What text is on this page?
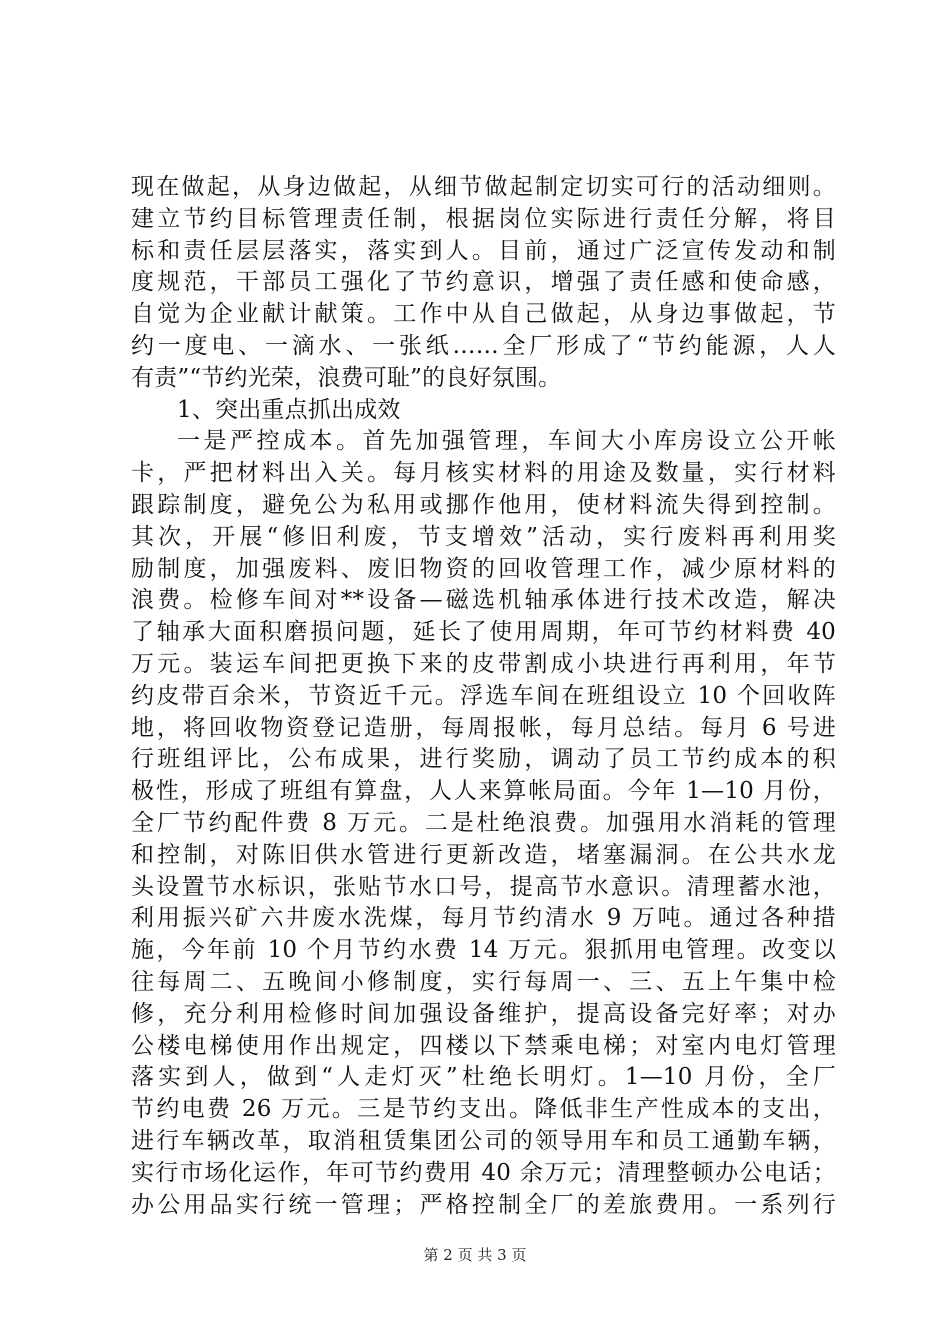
现在做起，从身边做起，从细节做起制定切实可行的活动细则。
建立节约目标管理责任制，根据岗位实际进行责任分解，将目
标和责任层层落实，落实到人。目前，通过广泛宣传发动和制
度规范，干部员工强化了节约意识，增强了责任感和使命感，
自觉为企业献计献策。工作中从自己做起，从身边事做起，节
约一度电、一滴水、一张纸……全厂形成了“节约能源，人人
有责”“节约光荣，浪费可耻”的良好氛围。
1、突出重点抓出成效
一是严控成本。首先加强管理，车间大小库房设立公开帐
卡，严把材料出入关。每月核实材料的用途及数量，实行材料
跟踪制度，避免公为私用或挪作他用，使材料流失得到控制。
其次，开展“修旧利废，节支增效”活动，实行废料再利用奖
励制度，加强废料、废旧物资的回收管理工作，减少原材料的
浪费。检修车间对**设备—磁选机轴承体进行技术改造，解决
了轴承大面积磨损问题，延长了使用周期，年可节约材料费 40
万元。装运车间把更换下来的皮带割成小块进行再利用，年节
约皮带百余米，节资近千元。浮选车间在班组设立 10 个回收阵
地，将回收物资登记造册，每周报帐，每月总结。每月 6 号进
行班组评比，公布成果，进行奖励，调动了员工节约成本的积
极性，形成了班组有算盘，人人来算帐局面。今年 1—10 月份，
全厂节约配件费 8 万元。二是杜绝浪费。加强用水消耗的管理
和控制，对陈旧供水管进行更新改造，堵塞漏洞。在公共水龙
头设置节水标识，张贴节水口号，提高节水意识。清理蓄水池，
利用振兴矿六井废水洗煤，每月节约清水 9 万吨。通过各种措
施，今年前 10 个月节约水费 14 万元。狠抓用电管理。改变以
往每周二、五晚间小修制度，实行每周一、三、五上午集中检
修，充分利用检修时间加强设备维护，提高设备完好率；对办
公楼电梯使用作出规定，四楼以下禁乘电梯；对室内电灯管理
落实到人，做到“人走灯灭”杜绝长明灯。1—10 月份，全厂
节约电费 26 万元。三是节约支出。降低非生产性成本的支出，
进行车辆改革，取消租赁集团公司的领导用车和员工通勤车辆，
实行市场化运作，年可节约费用 40 余万元；清理整顿办公电话；
办公用品实行统一管理；严格控制全厂的差旅费用。一系列行
第 2 页 共 3 页
